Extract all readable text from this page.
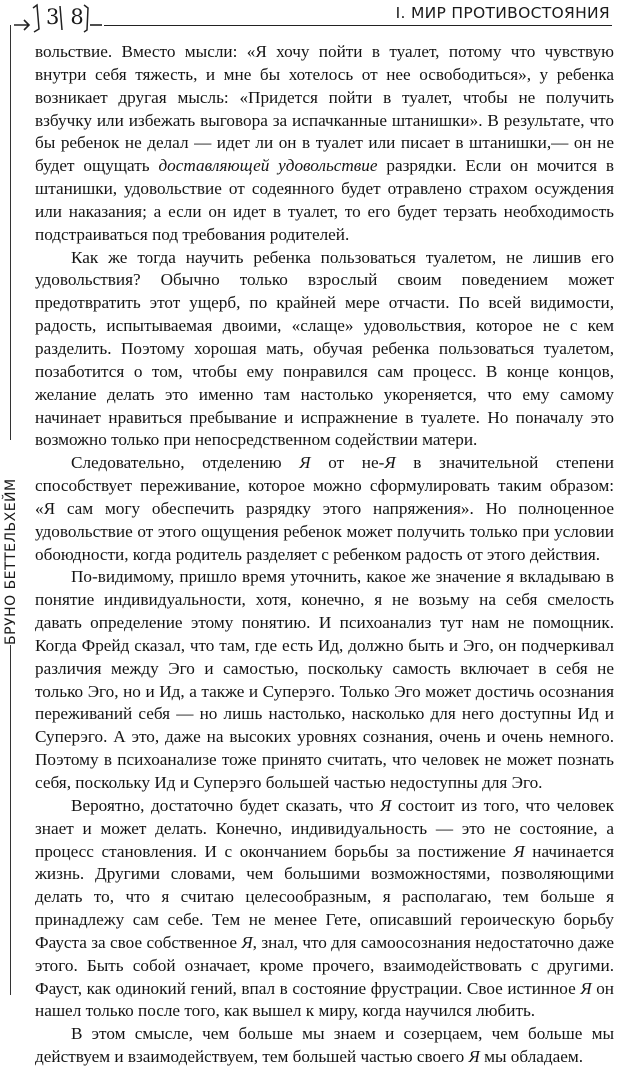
38	I. МИР ПРОТИВОСТОЯНИЯ
БРУНО БЕТТЕЛЬХЕЙМ

вольствие. Вместо мысли: «Я хочу пойти в туалет, потому что чувствую внутри себя тяжесть, и мне бы хотелось от нее освободиться», у ребенка возникает другая мысль: «Придется пойти в туалет, чтобы не получить взбучку или избежать выговора за испачканные штанишки». В результате, что бы ребенок не делал — идет ли он в туалет или писает в штанишки,— он не будет ощущать доставляющей удовольствие разрядки. Если он мочится в штанишки, удовольствие от содеянного будет отравлено страхом осуждения или наказания; а если он идет в туалет, то его будет терзать необходимость подстраиваться под требования родителей.

Как же тогда научить ребенка пользоваться туалетом, не лишив его удовольствия? Обычно только взрослый своим поведением может предотвратить этот ущерб, по крайней мере отчасти. По всей видимости, радость, испытываемая двоими, «слаще» удовольствия, которое не с кем разделить. Поэтому хорошая мать, обучая ребенка пользоваться туалетом, позаботится о том, чтобы ему понравился сам процесс. В конце концов, желание делать это именно там настолько укореняется, что ему самому начинает нравиться пребывание и испражнение в туалете. Но поначалу это возможно только при непосредственном содействии матери.

Следовательно, отделению Я от не-Я в значительной степени способствует переживание, которое можно сформулировать таким образом: «Я сам могу обеспечить разрядку этого напряжения». Но полноценное удовольствие от этого ощущения ребенок может получить только при условии обоюдности, когда родитель разделяет с ребенком радость от этого действия.

По-видимому, пришло время уточнить, какое же значение я вкладываю в понятие индивидуальности, хотя, конечно, я не возьму на себя смелость давать определение этому понятию. И психоанализ тут нам не помощник. Когда Фрейд сказал, что там, где есть Ид, должно быть и Эго, он подчеркивал различия между Эго и самостью, поскольку самость включает в себя не только Эго, но и Ид, а также и Суперэго. Только Эго может достичь осознания переживаний себя — но лишь настолько, насколько для него доступны Ид и Суперэго. А это, даже на высоких уровнях сознания, очень и очень немного. Поэтому в психоанализе тоже принято считать, что человек не может познать себя, поскольку Ид и Суперэго большей частью недоступны для Эго.

Вероятно, достаточно будет сказать, что Я состоит из того, что человек знает и может делать. Конечно, индивидуальность — это не состояние, а процесс становления. И с окончанием борьбы за постижение Я начинается жизнь. Другими словами, чем большими возможностями, позволяющими делать то, что я считаю целесообразным, я располагаю, тем больше я принадлежу сам себе. Тем не менее Гете, описавший героическую борьбу Фауста за свое собственное Я, знал, что для самоосознания недостаточно даже этого. Быть собой означает, кроме прочего, взаимодействовать с другими. Фауст, как одинокий гений, впал в состояние фрустрации. Свое истинное Я он нашел только после того, как вышел к миру, когда научился любить.

В этом смысле, чем больше мы знаем и созерцаем, чем больше мы действуем и взаимодействуем, тем большей частью своего Я мы обладаем.
